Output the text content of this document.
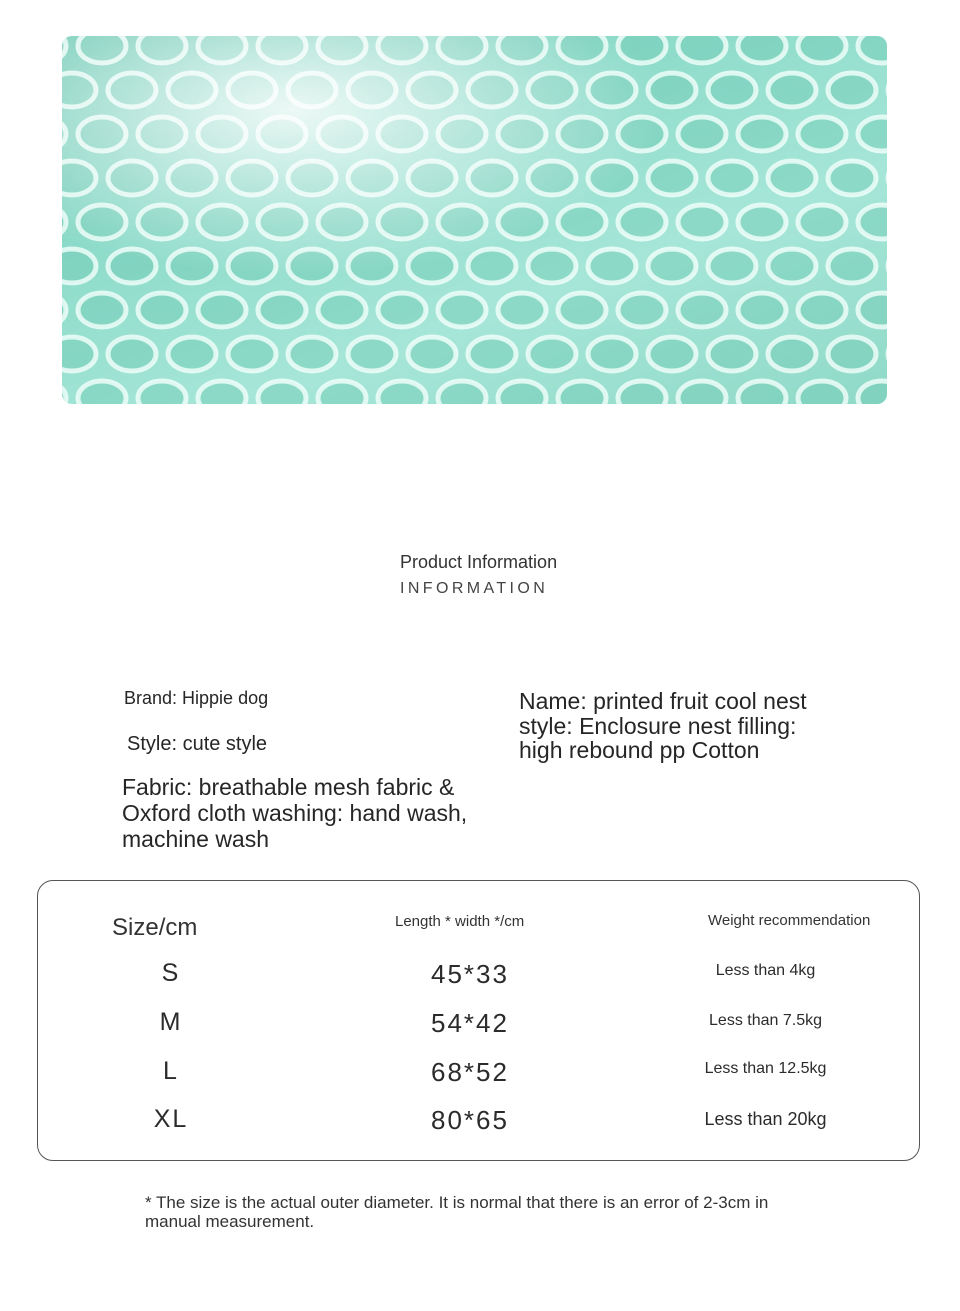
Product Information
INFORMATION
Brand: Hippie dog
Style: cute style
Fabric: breathable mesh fabric & Oxford cloth washing: hand wash, machine wash
Name: printed fruit cool nest style: Enclosure nest filling: high rebound pp Cotton
Size/cm	Length * width */cm	Weight recommendation
S	45*33	Less than 4kg
M	54*42	Less than 7.5kg
L	68*52	Less than 12.5kg
XL	80*65	Less than 20kg
* The size is the actual outer diameter. It is normal that there is an error of 2-3cm in manual measurement.
